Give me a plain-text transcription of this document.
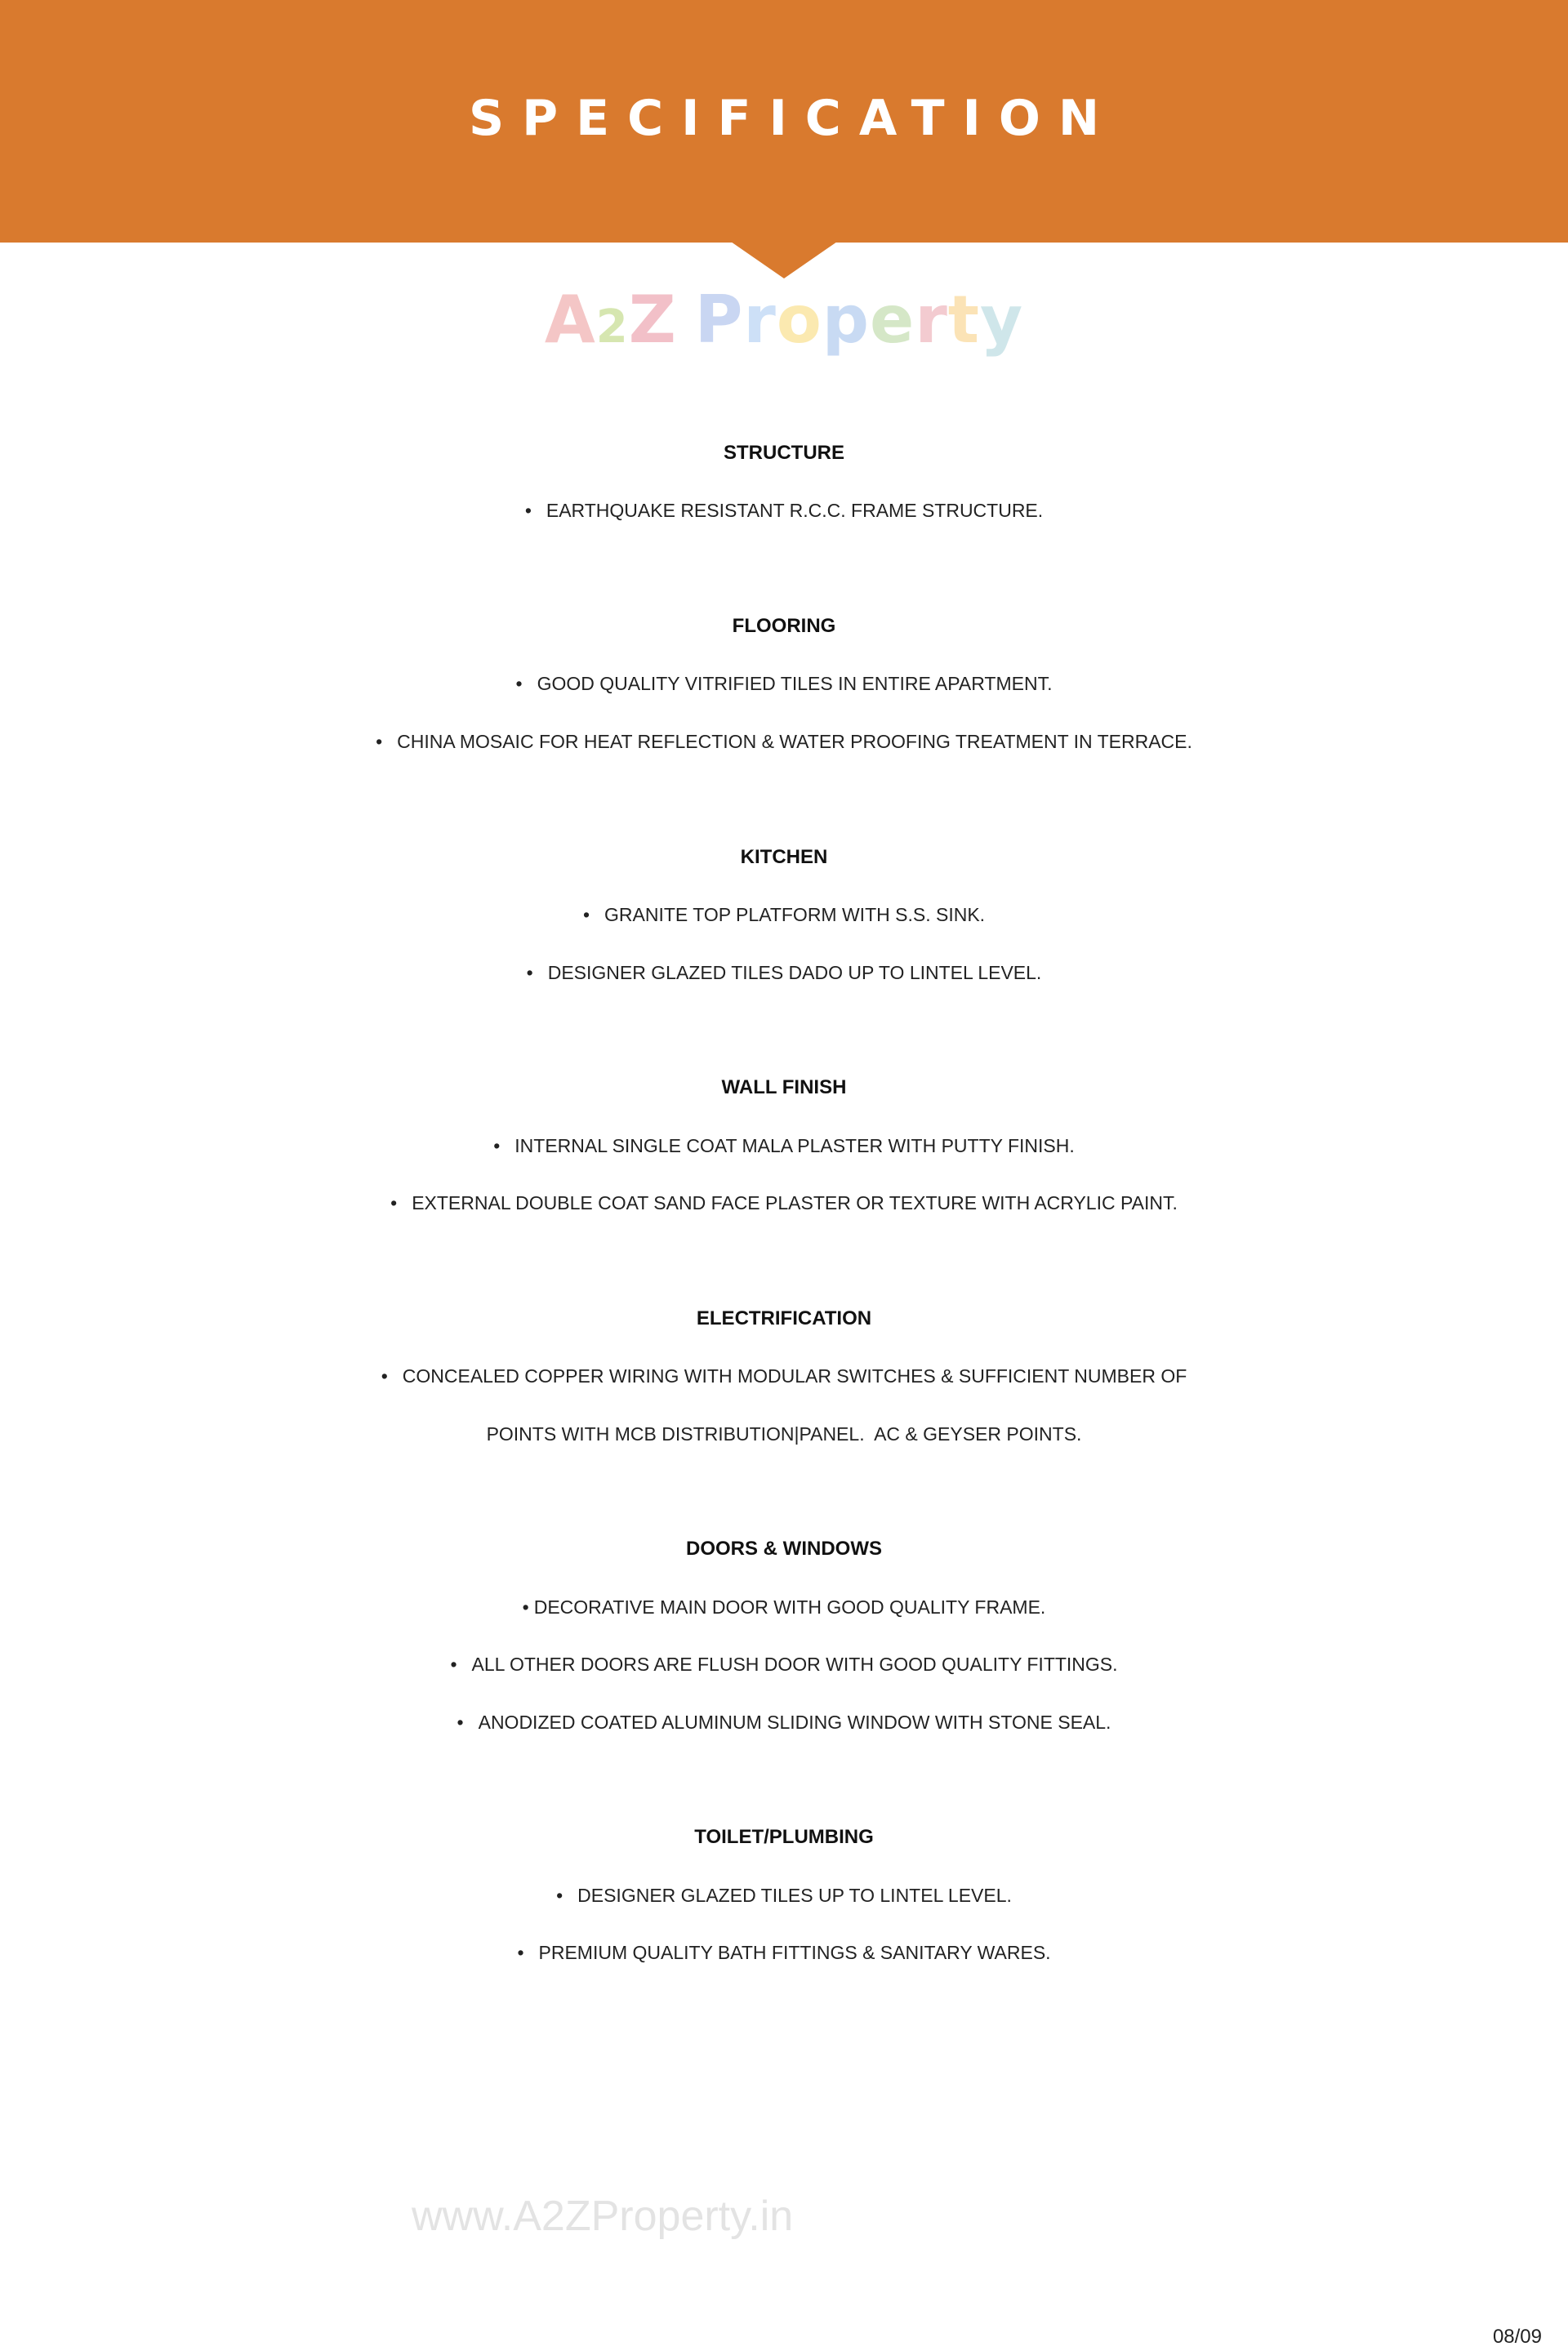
SPECIFICATION
A2Z Property
STRUCTURE
• EARTHQUAKE RESISTANT R.C.C. FRAME STRUCTURE.
FLOORING
• GOOD QUALITY VITRIFIED TILES IN ENTIRE APARTMENT.
• CHINA MOSAIC FOR HEAT REFLECTION & WATER PROOFING TREATMENT IN TERRACE.
KITCHEN
• GRANITE TOP PLATFORM WITH S.S. SINK.
• DESIGNER GLAZED TILES DADO UP TO LINTEL LEVEL.
WALL FINISH
• INTERNAL SINGLE COAT MALA PLASTER WITH PUTTY FINISH.
• EXTERNAL DOUBLE COAT SAND FACE PLASTER OR TEXTURE WITH ACRYLIC PAINT.
ELECTRIFICATION
• CONCEALED COPPER WIRING WITH MODULAR SWITCHES & SUFFICIENT NUMBER OF
POINTS WITH MCB DISTRIBUTION|PANEL.  AC & GEYSER POINTS.
DOORS & WINDOWS
• DECORATIVE MAIN DOOR WITH GOOD QUALITY FRAME.
• ALL OTHER DOORS ARE FLUSH DOOR WITH GOOD QUALITY FITTINGS.
• ANODIZED COATED ALUMINUM SLIDING WINDOW WITH STONE SEAL.
TOILET/PLUMBING
• DESIGNER GLAZED TILES UP TO LINTEL LEVEL.
• PREMIUM QUALITY BATH FITTINGS & SANITARY WARES.
www.A2ZProperty.in
08/09
